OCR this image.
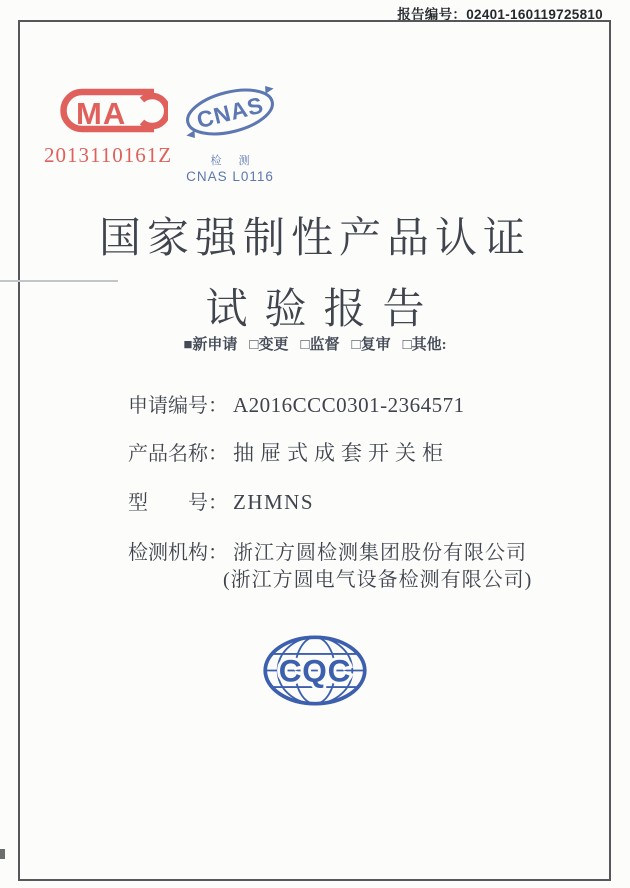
报告编号：02401-160119725810
MA
2013110161Z
CNAS
检 测
CNAS L0116
国家强制性产品认证
试验报告
■新申请 □变更 □监督 □复审 □其他:
申请编号： A2016CCC0301-2364571
产品名称： 抽屉式成套开关柜
型　　号： ZHMNS
检测机构： 浙江方圆检测集团股份有限公司
(浙江方圆电气设备检测有限公司)
CQC
